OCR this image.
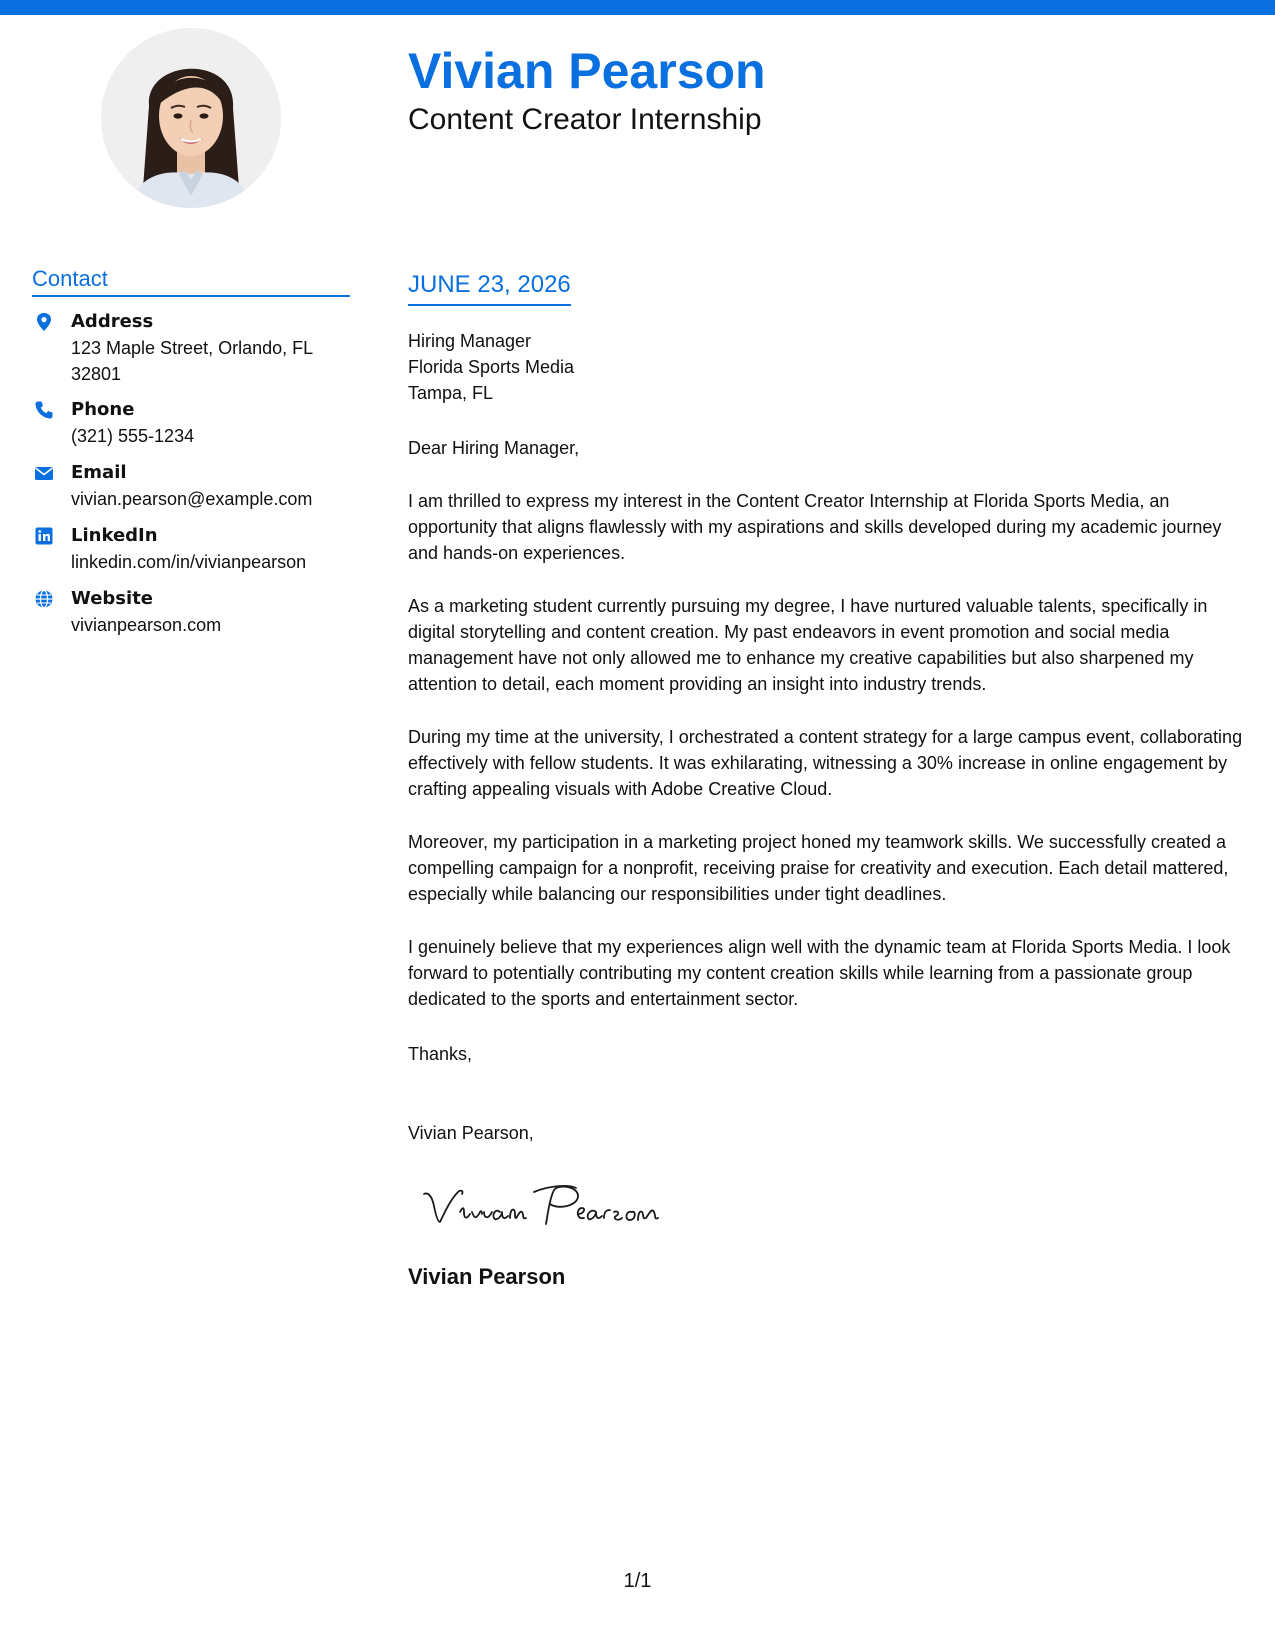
Vivian Pearson
Content Creator Internship
Contact
Address
123 Maple Street, Orlando, FL 32801
Phone
(321) 555-1234
Email
vivian.pearson@example.com
LinkedIn
linkedin.com/in/vivianpearson
Website
vivianpearson.com
JUNE 23, 2026
Hiring Manager
Florida Sports Media
Tampa, FL

Dear Hiring Manager,

I am thrilled to express my interest in the Content Creator Internship at Florida Sports Media, an opportunity that aligns flawlessly with my aspirations and skills developed during my academic journey and hands-on experiences.

As a marketing student currently pursuing my degree, I have nurtured valuable talents, specifically in digital storytelling and content creation. My past endeavors in event promotion and social media management have not only allowed me to enhance my creative capabilities but also sharpened my attention to detail, each moment providing an insight into industry trends.

During my time at the university, I orchestrated a content strategy for a large campus event, collaborating effectively with fellow students. It was exhilarating, witnessing a 30% increase in online engagement by crafting appealing visuals with Adobe Creative Cloud.

Moreover, my participation in a marketing project honed my teamwork skills. We successfully created a compelling campaign for a nonprofit, receiving praise for creativity and execution. Each detail mattered, especially while balancing our responsibilities under tight deadlines.

I genuinely believe that my experiences align well with the dynamic team at Florida Sports Media. I look forward to potentially contributing my content creation skills while learning from a passionate group dedicated to the sports and entertainment sector.

Thanks,
Vivian Pearson,
Vivian Pearson
1/1
